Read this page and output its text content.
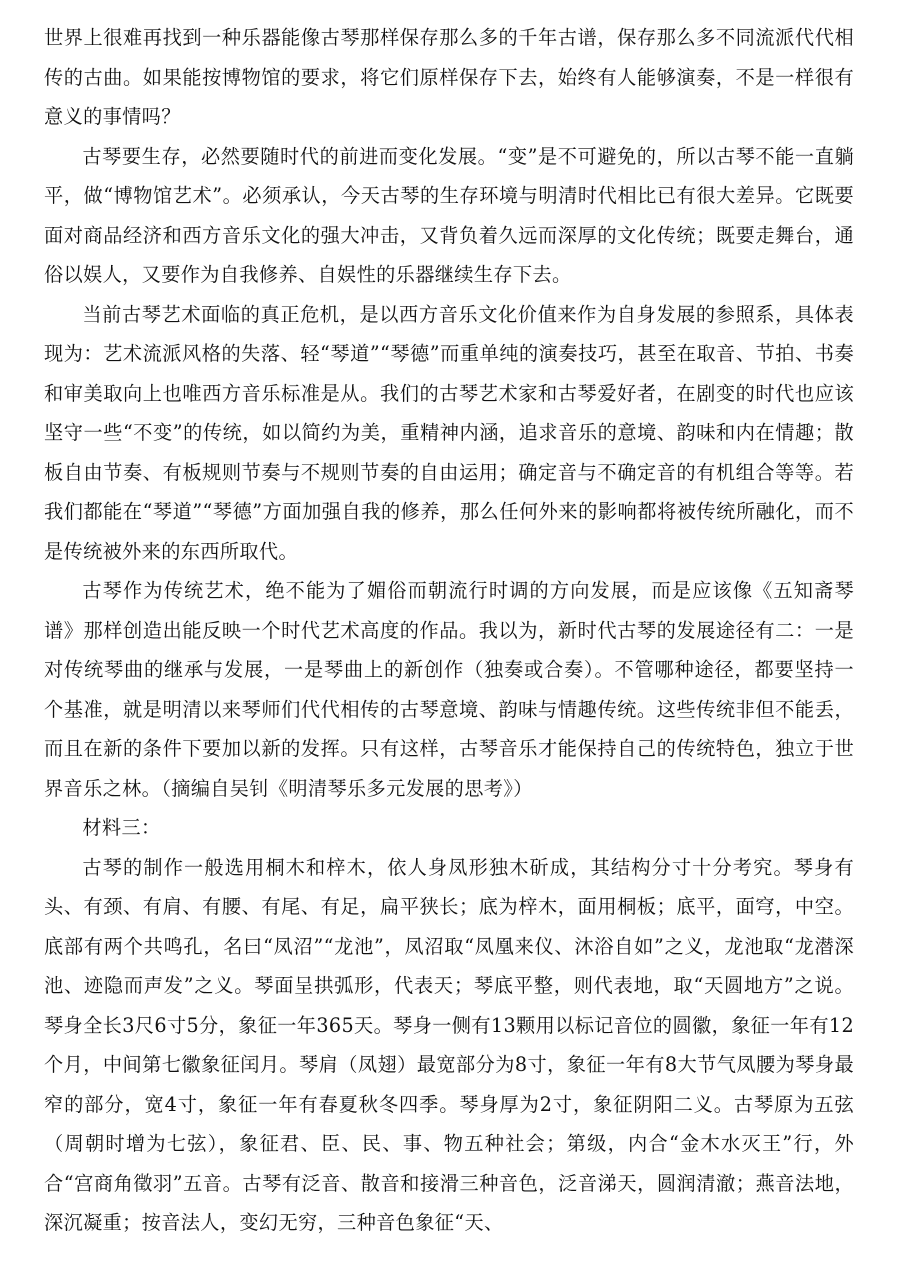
世界上很难再找到一种乐器能像古琴那样保存那么多的千年古谱，保存那么多不同流派代代相传的古曲。如果能按博物馆的要求，将它们原样保存下去，始终有人能够演奏，不是一样很有意义的事情吗？

古琴要生存，必然要随时代的前进而变化发展。“变”是不可避免的，所以古琴不能一直躺平，做“博物馆艺术”。必须承认，今天古琴的生存环境与明清时代相比已有很大差异。它既要面对商品经济和西方音乐文化的强大冲击，又背负着久远而深厚的文化传统；既要走舞台，通俗以娱人，又要作为自我修养、自娱性的乐器继续生存下去。

当前古琴艺术面临的真正危机，是以西方音乐文化价值来作为自身发展的参照系，具体表现为：艺术流派风格的失落、轻“琴道”“琴德”而重单纯的演奏技巧，甚至在取音、节拍、书奏和审美取向上也唯西方音乐标准是从。我们的古琴艺术家和古琴爱好者，在剧变的时代也应该坚守一些“不变”的传统，如以简约为美，重精神内涵，追求音乐的意境、韵味和内在情趣；散板自由节奏、有板规则节奏与不规则节奏的自由运用；确定音与不确定音的有机组合等等。若我们都能在“琴道”“琴德”方面加强自我的修养，那么任何外来的影响都将被传统所融化，而不是传统被外来的东西所取代。

古琴作为传统艺术，绝不能为了媚俗而朝流行时调的方向发展，而是应该像《五知斋琴谱》那样创造出能反映一个时代艺术高度的作品。我以为，新时代古琴的发展途径有二：一是对传统琴曲的继承与发展，一是琴曲上的新创作（独奏或合奏）。不管哪种途径，都要坚持一个基准，就是明清以来琴师们代代相传的古琴意境、韵味与情趣传统。这些传统非但不能丢，而且在新的条件下要加以新的发挥。只有这样，古琴音乐才能保持自己的传统特色，独立于世界音乐之林。（摘编自吴钊《明清琴乐多元发展的思考》）

材料三：

古琴的制作一般选用桐木和梓木，依人身凤形独木斫成，其结构分寸十分考究。琴身有头、有颈、有肩、有腰、有尾、有足，扁平狭长；底为梓木，面用桐板；底平，面穹，中空。底部有两个共鸣孔，名曰“凤沼”“龙池”，凤沼取“凤凰来仪、沐浴自如”之义，龙池取“龙潜深池、迹隐而声发”之义。琴面呈拱弧形，代表天；琴底平整，则代表地，取“天圆地方”之说。琴身全长3尺6寸5分，象征一年365天。琴身一侧有13颗用以标记音位的圆徽，象征一年有12个月，中间第七徽象征闰月。琴肩（凤翅）最宽部分为8寸，象征一年有8大节气凤腰为琴身最窄的部分，宽4寸，象征一年有春夏秋冬四季。琴身厚为2寸，象征阴阳二义。古琴原为五弦（周朝时增为七弦），象征君、臣、民、事、物五种社会；第级，内合“金木水灭王”行，外合“宫商角徵羽”五音。古琴有泛音、散音和接滑三种音色，泛音涕天，圆润清澈；燕音法地，深沉凝重；按音法人，变幻无穷，三种音色象征“天、
